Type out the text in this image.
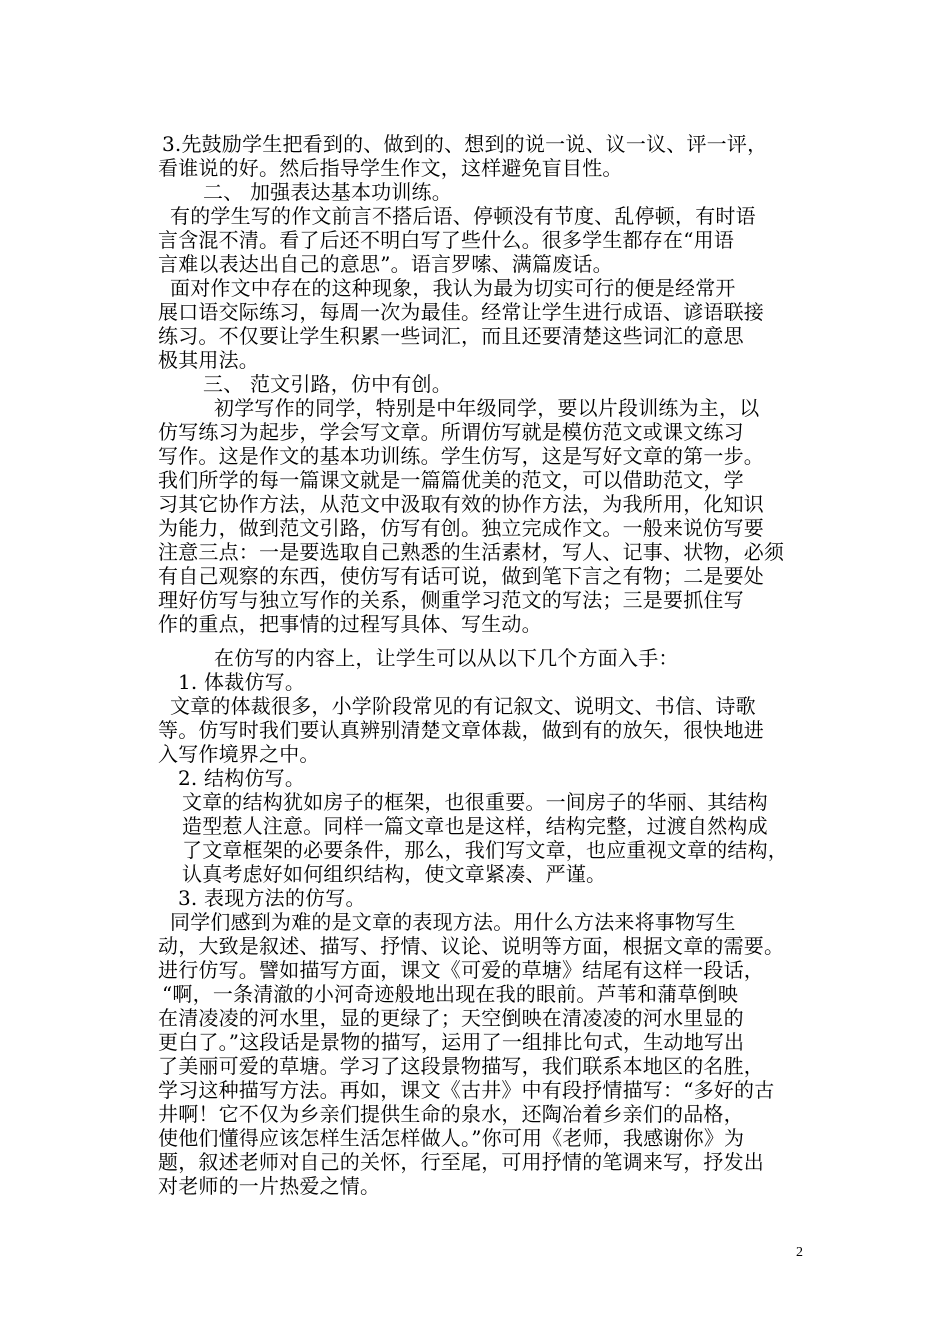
3.先鼓励学生把看到的、做到的、想到的说一说、议一议、评一评，
看谁说的好。然后指导学生作文，这样避免盲目性。
二、 加强表达基本功训练。
有的学生写的作文前言不搭后语、停顿没有节度、乱停顿，有时语
言含混不清。看了后还不明白写了些什么。很多学生都存在“用语
言难以表达出自己的意思”。语言罗嗦、满篇废话。
面对作文中存在的这种现象，我认为最为切实可行的便是经常开
展口语交际练习，每周一次为最佳。经常让学生进行成语、谚语联接
练习。不仅要让学生积累一些词汇，而且还要清楚这些词汇的意思
极其用法。
三、 范文引路，仿中有创。
初学写作的同学，特别是中年级同学，要以片段训练为主，以
仿写练习为起步，学会写文章。所谓仿写就是模仿范文或课文练习
写作。这是作文的基本功训练。学生仿写，这是写好文章的第一步。
我们所学的每一篇课文就是一篇篇优美的范文，可以借助范文，学
习其它协作方法，从范文中汲取有效的协作方法，为我所用，化知识
为能力，做到范文引路，仿写有创。独立完成作文。一般来说仿写要
注意三点：一是要选取自己熟悉的生活素材，写人、记事、状物，必须
有自己观察的东西，使仿写有话可说，做到笔下言之有物；二是要处
理好仿写与独立写作的关系，侧重学习范文的写法；三是要抓住写
作的重点，把事情的过程写具体、写生动。
在仿写的内容上，让学生可以从以下几个方面入手：
1. 体裁仿写。
文章的体裁很多，小学阶段常见的有记叙文、说明文、书信、诗歌
等。仿写时我们要认真辨别清楚文章体裁，做到有的放矢，很快地进
入写作境界之中。
2. 结构仿写。
文章的结构犹如房子的框架，也很重要。一间房子的华丽、其结构
造型惹人注意。同样一篇文章也是这样，结构完整，过渡自然构成
了文章框架的必要条件，那么，我们写文章，也应重视文章的结构，
认真考虑好如何组织结构，使文章紧凑、严谨。
3. 表现方法的仿写。
同学们感到为难的是文章的表现方法。用什么方法来将事物写生
动，大致是叙述、描写、抒情、议论、说明等方面，根据文章的需要。
进行仿写。譬如描写方面，课文《可爱的草塘》结尾有这样一段话，
“啊，一条清澈的小河奇迹般地出现在我的眼前。芦苇和蒲草倒映
在清凌凌的河水里，显的更绿了；天空倒映在清凌凌的河水里显的
更白了。”这段话是景物的描写，运用了一组排比句式，生动地写出
了美丽可爱的草塘。学习了这段景物描写，我们联系本地区的名胜，
学习这种描写方法。再如，课文《古井》中有段抒情描写：“多好的古
井啊！它不仅为乡亲们提供生命的泉水，还陶冶着乡亲们的品格，
使他们懂得应该怎样生活怎样做人。”你可用《老师，我感谢你》为
题，叙述老师对自己的关怀，行至尾，可用抒情的笔调来写，抒发出
对老师的一片热爱之情。
2
